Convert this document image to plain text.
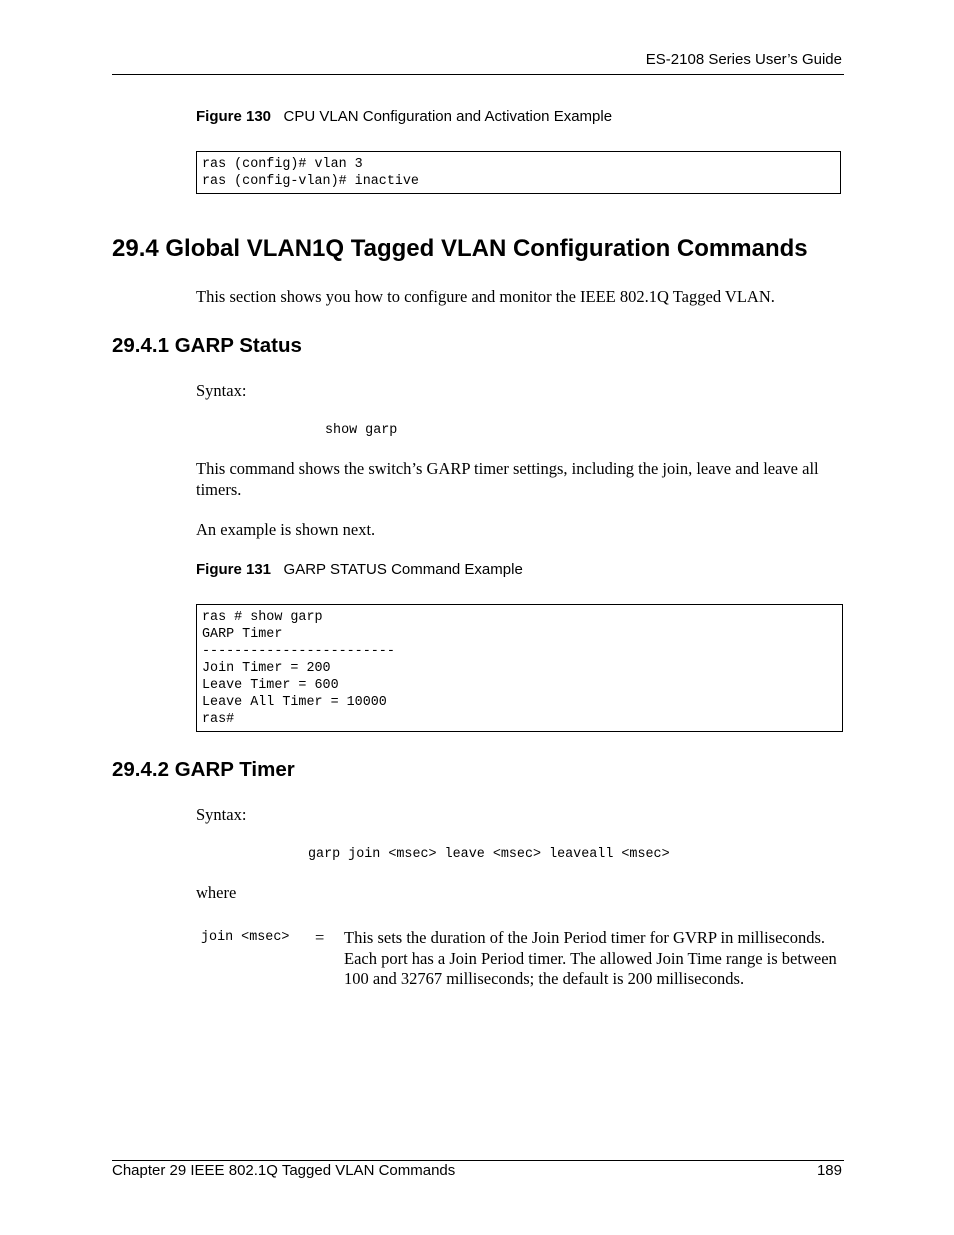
ES-2108 Series User’s Guide
Figure 130 CPU VLAN Configuration and Activation Example
ras (config)# vlan 3
ras (config-vlan)# inactive
29.4 Global VLAN1Q Tagged VLAN Configuration Commands
This section shows you how to configure and monitor the IEEE 802.1Q Tagged VLAN.
29.4.1 GARP Status
Syntax:
show garp
This command shows the switch’s GARP timer settings, including the join, leave and leave all timers.
An example is shown next.
Figure 131 GARP STATUS Command Example
ras # show garp
GARP Timer
------------------------
Join Timer = 200
Leave Timer = 600
Leave All Timer = 10000
ras#
29.4.2 GARP Timer
Syntax:
garp join <msec> leave <msec> leaveall <msec>
where
join <msec> = This sets the duration of the Join Period timer for GVRP in milliseconds. Each port has a Join Period timer. The allowed Join Time range is between 100 and 32767 milliseconds; the default is 200 milliseconds.
Chapter 29 IEEE 802.1Q Tagged VLAN Commands	189
